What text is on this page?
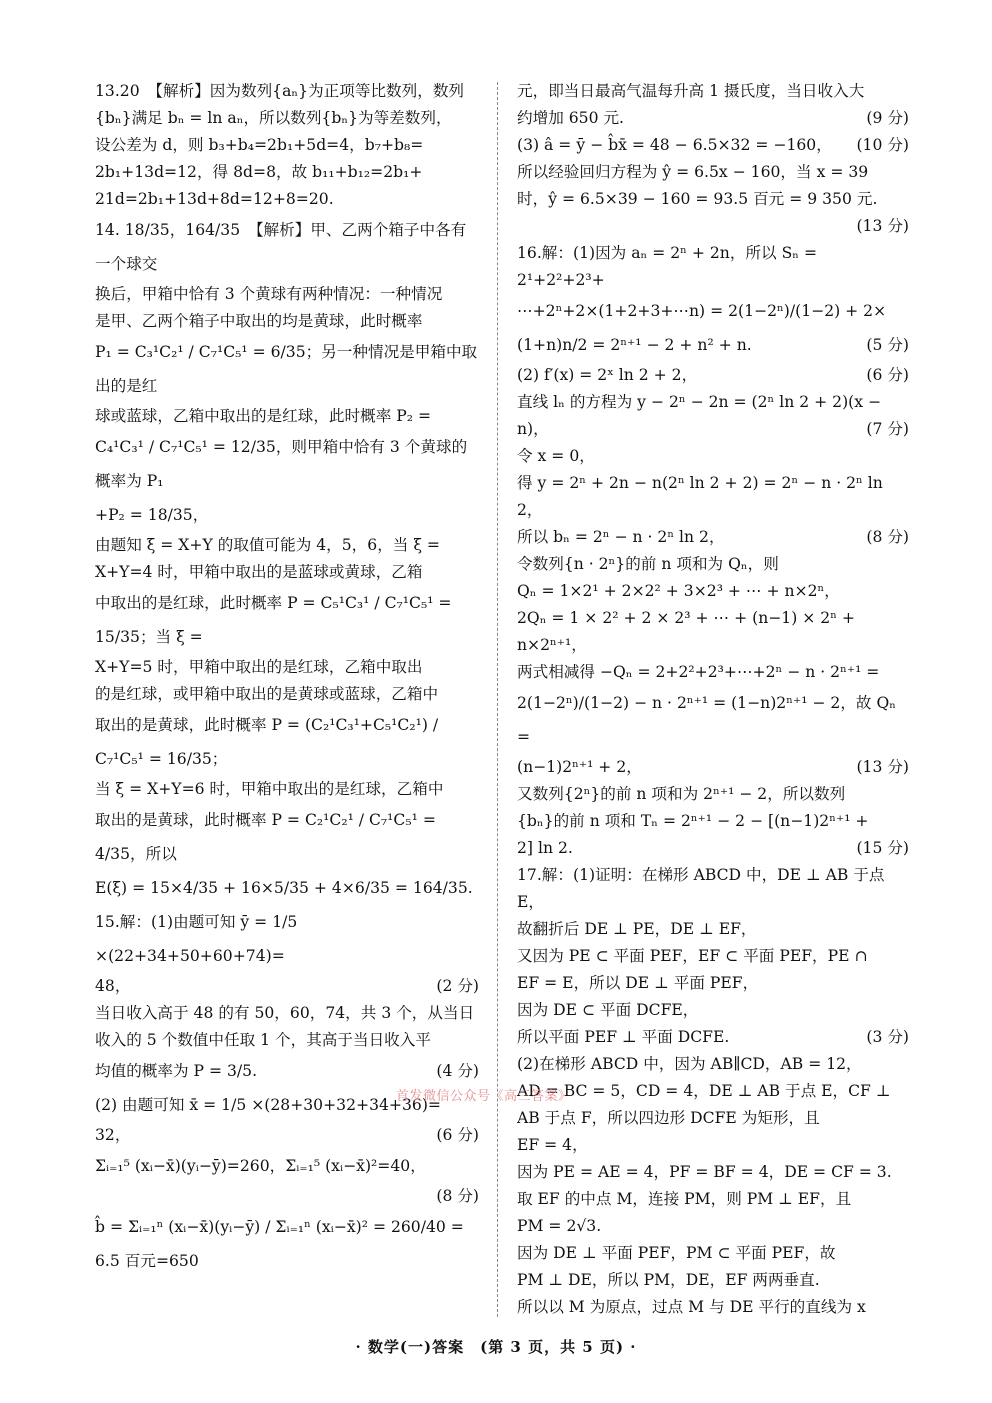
13.20　【解析】因为数列{aₙ}为正项等比数列，数列
{bₙ}满足 bₙ = ln aₙ，所以数列{bₙ}为等差数列，
设公差为 d，则 b₃+b₄=2b₁+5d=4，b₇+b₈=
2b₁+13d=12，得 8d=8，故 b₁₁+b₁₂=2b₁+
21d=2b₁+13d+8d=12+8=20.
14. 18/35，164/35　【解析】甲、乙两个箱子中各有一个球交
换后，甲箱中恰有 3 个黄球有两种情况：一种情况
是甲、乙两个箱子中取出的均是黄球，此时概率
P₁ = C₃¹C₂¹ / C₇¹C₅¹ = 6/35；另一种情况是甲箱中取出的是红
球或蓝球，乙箱中取出的是红球，此时概率 P₂ =
C₄¹C₃¹ / C₇¹C₅¹ = 12/35，则甲箱中恰有 3 个黄球的概率为 P₁
+P₂ = 18/35，
由题知 ξ = X+Y 的取值可能为 4，5，6，当 ξ =
X+Y=4 时，甲箱中取出的是蓝球或黄球，乙箱
中取出的是红球，此时概率 P = C₅¹C₃¹ / C₇¹C₅¹ = 15/35；当 ξ =
X+Y=5 时，甲箱中取出的是红球，乙箱中取出
的是红球，或甲箱中取出的是黄球或蓝球，乙箱中
取出的是黄球，此时概率 P = (C₂¹C₃¹+C₅¹C₂¹) / C₇¹C₅¹ = 16/35；
当 ξ = X+Y=6 时，甲箱中取出的是红球，乙箱中
取出的是黄球，此时概率 P = C₂¹C₂¹ / C₇¹C₅¹ = 4/35，所以
E(ξ) = 15×4/35 + 16×5/35 + 4×6/35 = 164/35.
15.解：(1)由题可知 ȳ = 1/5 ×(22+34+50+60+74)=
48，	(2 分)
当日收入高于 48 的有 50，60，74，共 3 个，从当日
收入的 5 个数值中任取 1 个，其高于当日收入平
均值的概率为 P = 3/5.	(4 分)
(2) 由题可知 x̄ = 1/5 ×(28+30+32+34+36)=
32，	(6 分)
Σᵢ₌₁⁵ (xᵢ−x̄)(yᵢ−ȳ)=260，Σᵢ₌₁⁵ (xᵢ−x̄)²=40，
(8 分)
b̂ = Σᵢ₌₁ⁿ (xᵢ−x̄)(yᵢ−ȳ) / Σᵢ₌₁ⁿ (xᵢ−x̄)² = 260/40 = 6.5 百元=650
元，即当日最高气温每升高 1 摄氏度，当日收入大
约增加 650 元.	(9 分)
(3) â = ȳ − b̂x̄ = 48 − 6.5×32 = −160， (10 分)
所以经验回归方程为 ŷ = 6.5x − 160，当 x = 39
时，ŷ = 6.5×39 − 160 = 93.5 百元 = 9 350 元.
(13 分)
16.解：(1)因为 aₙ = 2ⁿ + 2n，所以 Sₙ = 2¹+2²+2³+
⋯+2ⁿ+2×(1+2+3+⋯n) = 2(1−2ⁿ)/(1−2) + 2×
(1+n)n/2 = 2ⁿ⁺¹ − 2 + n² + n.	(5 分)
(2) f′(x) = 2ˣ ln 2 + 2，	(6 分)
直线 lₙ 的方程为 y − 2ⁿ − 2n = (2ⁿ ln 2 + 2)(x −
n)，	(7 分)
令 x = 0，
得 y = 2ⁿ + 2n − n(2ⁿ ln 2 + 2) = 2ⁿ − n · 2ⁿ ln 2，
所以 bₙ = 2ⁿ − n · 2ⁿ ln 2，	(8 分)
令数列{n · 2ⁿ}的前 n 项和为 Qₙ，则
Qₙ = 1×2¹ + 2×2² + 3×2³ + ⋯ + n×2ⁿ，
2Qₙ = 1 × 2² + 2 × 2³ + ⋯ + (n−1) × 2ⁿ +
n×2ⁿ⁺¹，
两式相减得 −Qₙ = 2+2²+2³+⋯+2ⁿ − n · 2ⁿ⁺¹ =
2(1−2ⁿ)/(1−2) − n · 2ⁿ⁺¹ = (1−n)2ⁿ⁺¹ − 2，故 Qₙ =
(n−1)2ⁿ⁺¹ + 2，	(13 分)
又数列{2ⁿ}的前 n 项和为 2ⁿ⁺¹ − 2，所以数列
{bₙ}的前 n 项和 Tₙ = 2ⁿ⁺¹ − 2 − [(n−1)2ⁿ⁺¹ +
2] ln 2.	(15 分)
17.解：(1)证明：在梯形 ABCD 中，DE ⊥ AB 于点 E，
故翻折后 DE ⊥ PE，DE ⊥ EF，
又因为 PE ⊂ 平面 PEF，EF ⊂ 平面 PEF，PE ∩
EF = E，所以 DE ⊥ 平面 PEF，
因为 DE ⊂ 平面 DCFE，
所以平面 PEF ⊥ 平面 DCFE.	(3 分)
(2)在梯形 ABCD 中，因为 AB∥CD，AB = 12，
AD = BC = 5，CD = 4，DE ⊥ AB 于点 E，CF ⊥
AB 于点 F，所以四边形 DCFE 为矩形，且
EF = 4，
因为 PE = AE = 4，PF = BF = 4，DE = CF = 3.
取 EF 的中点 M，连接 PM，则 PM ⊥ EF，且
PM = 2√3.
因为 DE ⊥ 平面 PEF，PM ⊂ 平面 PEF，故
PM ⊥ DE，所以 PM，DE，EF 两两垂直.
所以以 M 为原点，过点 M 与 DE 平行的直线为 x
首发微信公众号《高三答案》
· 数学(一)答案　(第 3 页，共 5 页) ·
